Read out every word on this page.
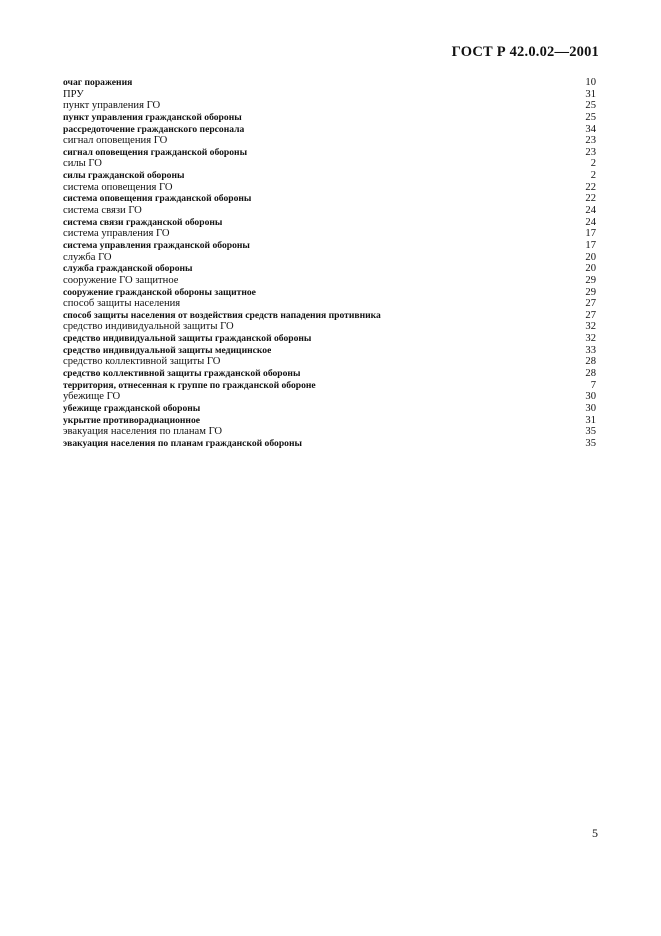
ГОСТ Р 42.0.02—2001
очаг поражения	10
ПРУ	31
пункт управления ГО	25
пункт управления гражданской обороны	25
рассредоточение гражданского персонала	34
сигнал оповещения ГО	23
сигнал оповещения гражданской обороны	23
силы ГО	2
силы гражданской обороны	2
система оповещения ГО	22
система оповещения гражданской обороны	22
система связи ГО	24
система связи гражданской обороны	24
система управления ГО	17
система управления гражданской обороны	17
служба ГО	20
служба гражданской обороны	20
сооружение ГО защитное	29
сооружение гражданской обороны защитное	29
способ защиты населения	27
способ защиты населения от воздействия средств нападения противника	27
средство индивидуальной защиты ГО	32
средство индивидуальной защиты гражданской обороны	32
средство индивидуальной защиты медицинское	33
средство коллективной защиты ГО	28
средство коллективной защиты гражданской обороны	28
территория, отнесенная к группе по гражданской обороне	7
убежище ГО	30
убежище гражданской обороны	30
укрытие противорадиационное	31
эвакуация населения по планам ГО	35
эвакуация населения по планам гражданской обороны	35
5
